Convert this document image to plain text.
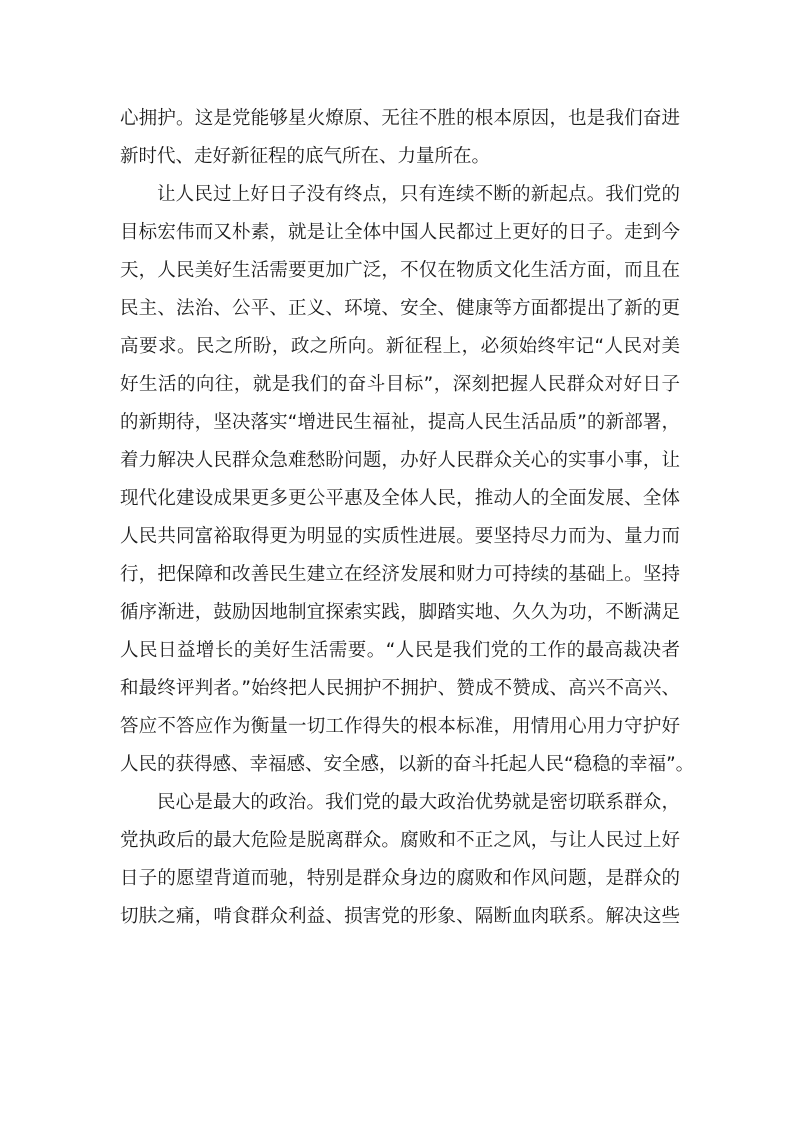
心拥护。这是党能够星火燎原、无往不胜的根本原因，也是我们奋进
新时代、走好新征程的底气所在、力量所在。
让人民过上好日子没有终点，只有连续不断的新起点。我们党的
目标宏伟而又朴素，就是让全体中国人民都过上更好的日子。走到今
天，人民美好生活需要更加广泛，不仅在物质文化生活方面，而且在
民主、法治、公平、正义、环境、安全、健康等方面都提出了新的更
高要求。民之所盼，政之所向。新征程上，必须始终牢记“人民对美
好生活的向往，就是我们的奋斗目标”，深刻把握人民群众对好日子
的新期待，坚决落实“增进民生福祉，提高人民生活品质”的新部署，
着力解决人民群众急难愁盼问题，办好人民群众关心的实事小事，让
现代化建设成果更多更公平惠及全体人民，推动人的全面发展、全体
人民共同富裕取得更为明显的实质性进展。要坚持尽力而为、量力而
行，把保障和改善民生建立在经济发展和财力可持续的基础上。坚持
循序渐进，鼓励因地制宜探索实践，脚踏实地、久久为功，不断满足
人民日益增长的美好生活需要。“人民是我们党的工作的最高裁决者
和最终评判者。”始终把人民拥护不拥护、赞成不赞成、高兴不高兴、
答应不答应作为衡量一切工作得失的根本标准，用情用心用力守护好
人民的获得感、幸福感、安全感，以新的奋斗托起人民“稳稳的幸福”。
民心是最大的政治。我们党的最大政治优势就是密切联系群众，
党执政后的最大危险是脱离群众。腐败和不正之风，与让人民过上好
日子的愿望背道而驰，特别是群众身边的腐败和作风问题，是群众的
切肤之痛，啃食群众利益、损害党的形象、隔断血肉联系。解决这些
